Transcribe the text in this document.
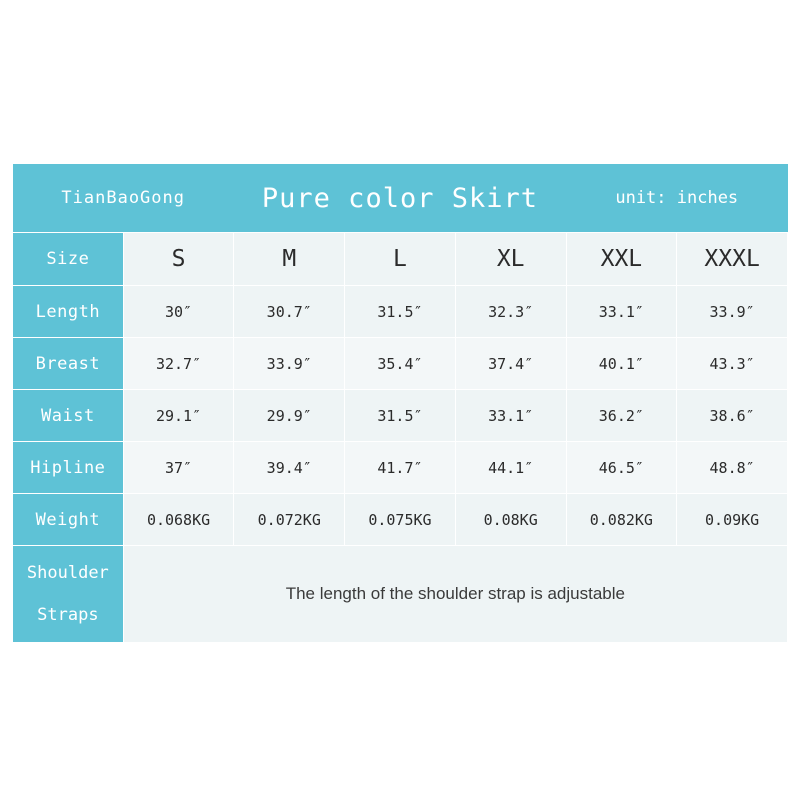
TianBaoGong		Pure color Skirt			unit: inches	
Size	S	M	L	XL	XXL	XXXL
Length	30″	30.7″	31.5″	32.3″	33.1″	33.9″
Breast	32.7″	33.9″	35.4″	37.4″	40.1″	43.3″
Waist	29.1″	29.9″	31.5″	33.1″	36.2″	38.6″
Hipline	37″	39.4″	41.7″	44.1″	46.5″	48.8″
Weight	0.068KG	0.072KG	0.075KG	0.08KG	0.082KG	0.09KG

Shoulder
Straps	The length of the shoulder strap is adjustable					
